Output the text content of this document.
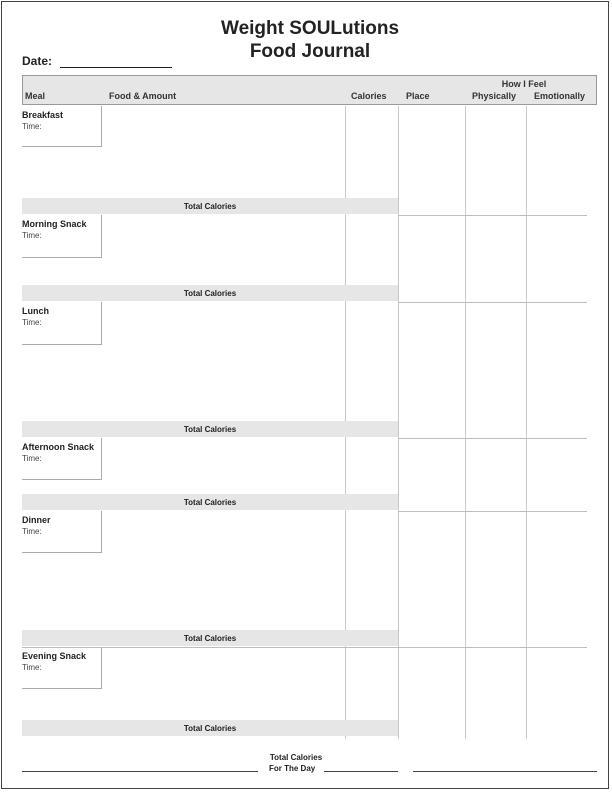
Weight SOULutions
Food Journal
Date:
Meal	Food & Amount	Calories Place
How I Feel
Physically Emotionally
Breakfast
Time:
Total Calories
Morning Snack
Time:
Total Calories
Lunch
Time:
Total Calories
Afternoon Snack
Time:
Total Calories
Dinner
Time:
Total Calories
Evening Snack
Time:
Total Calories
Total Calories
For The Day
